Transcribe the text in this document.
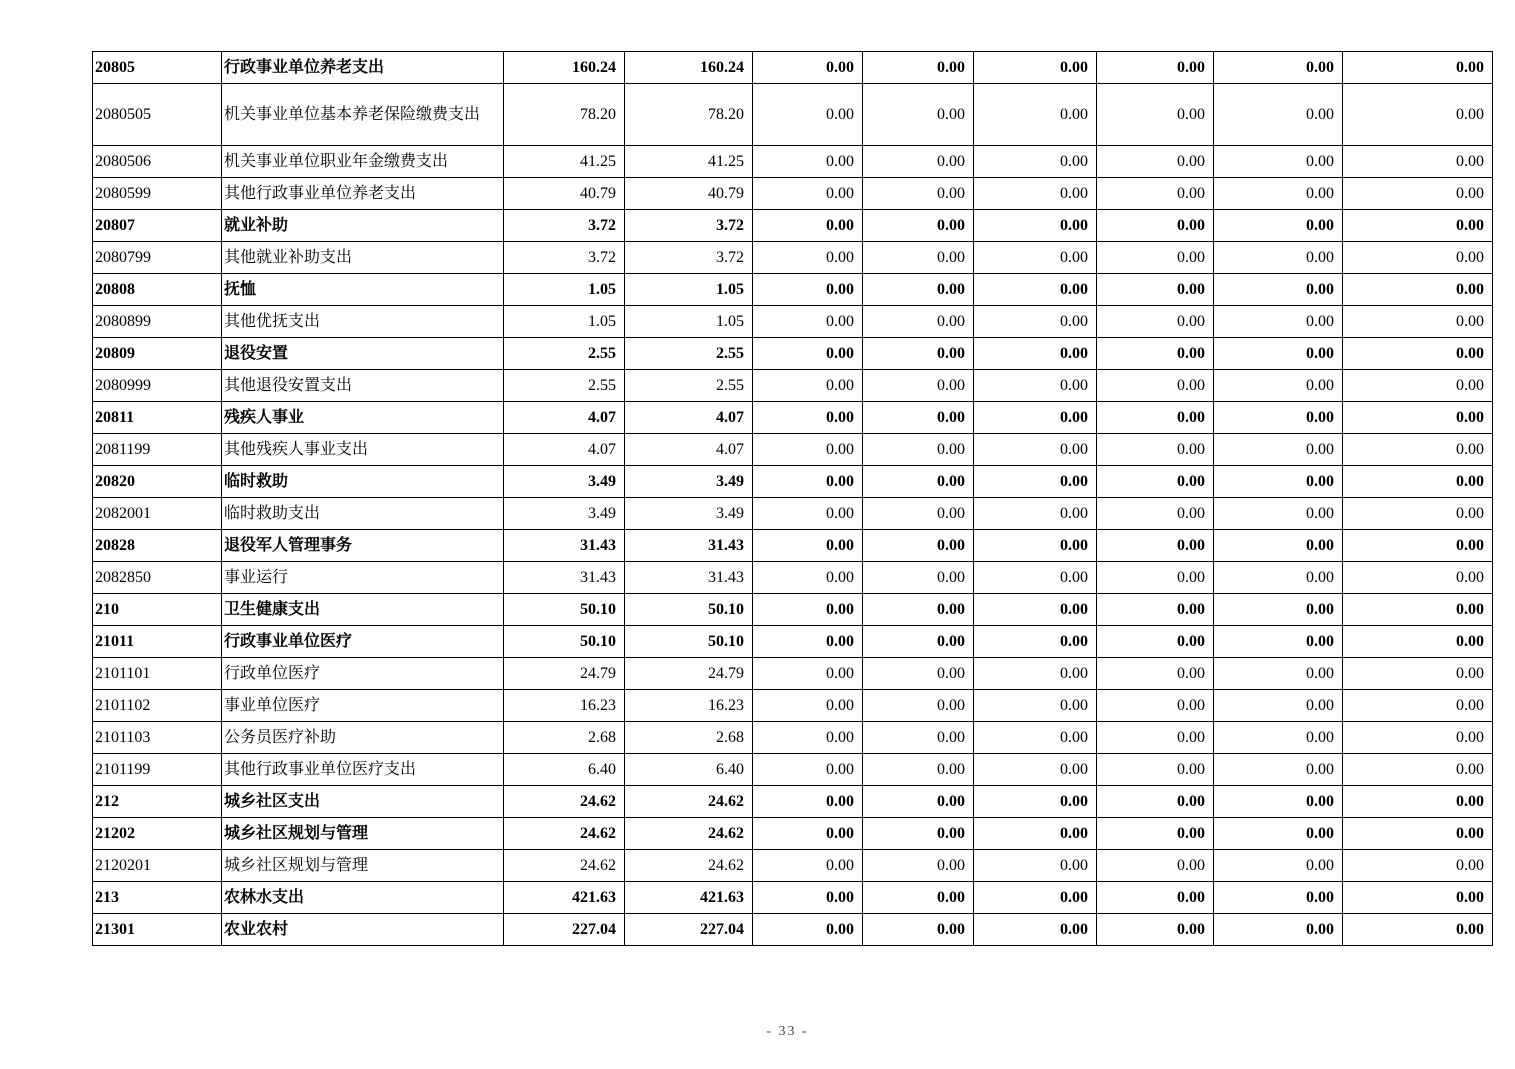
20805	行政事业单位养老支出	160.24	160.24	0.00	0.00	0.00	0.00	0.00	0.00
2080505	机关事业单位基本养老保险缴费支出	78.20	78.20	0.00	0.00	0.00	0.00	0.00	0.00
2080506	机关事业单位职业年金缴费支出	41.25	41.25	0.00	0.00	0.00	0.00	0.00	0.00
2080599	其他行政事业单位养老支出	40.79	40.79	0.00	0.00	0.00	0.00	0.00	0.00
20807	就业补助	3.72	3.72	0.00	0.00	0.00	0.00	0.00	0.00
2080799	其他就业补助支出	3.72	3.72	0.00	0.00	0.00	0.00	0.00	0.00
20808	抚恤	1.05	1.05	0.00	0.00	0.00	0.00	0.00	0.00
2080899	其他优抚支出	1.05	1.05	0.00	0.00	0.00	0.00	0.00	0.00
20809	退役安置	2.55	2.55	0.00	0.00	0.00	0.00	0.00	0.00
2080999	其他退役安置支出	2.55	2.55	0.00	0.00	0.00	0.00	0.00	0.00
20811	残疾人事业	4.07	4.07	0.00	0.00	0.00	0.00	0.00	0.00
2081199	其他残疾人事业支出	4.07	4.07	0.00	0.00	0.00	0.00	0.00	0.00
20820	临时救助	3.49	3.49	0.00	0.00	0.00	0.00	0.00	0.00
2082001	临时救助支出	3.49	3.49	0.00	0.00	0.00	0.00	0.00	0.00
20828	退役军人管理事务	31.43	31.43	0.00	0.00	0.00	0.00	0.00	0.00
2082850	事业运行	31.43	31.43	0.00	0.00	0.00	0.00	0.00	0.00
210	卫生健康支出	50.10	50.10	0.00	0.00	0.00	0.00	0.00	0.00
21011	行政事业单位医疗	50.10	50.10	0.00	0.00	0.00	0.00	0.00	0.00
2101101	行政单位医疗	24.79	24.79	0.00	0.00	0.00	0.00	0.00	0.00
2101102	事业单位医疗	16.23	16.23	0.00	0.00	0.00	0.00	0.00	0.00
2101103	公务员医疗补助	2.68	2.68	0.00	0.00	0.00	0.00	0.00	0.00
2101199	其他行政事业单位医疗支出	6.40	6.40	0.00	0.00	0.00	0.00	0.00	0.00
212	城乡社区支出	24.62	24.62	0.00	0.00	0.00	0.00	0.00	0.00
21202	城乡社区规划与管理	24.62	24.62	0.00	0.00	0.00	0.00	0.00	0.00
2120201	城乡社区规划与管理	24.62	24.62	0.00	0.00	0.00	0.00	0.00	0.00
213	农林水支出	421.63	421.63	0.00	0.00	0.00	0.00	0.00	0.00
21301	农业农村	227.04	227.04	0.00	0.00	0.00	0.00	0.00	0.00
- 33 -
